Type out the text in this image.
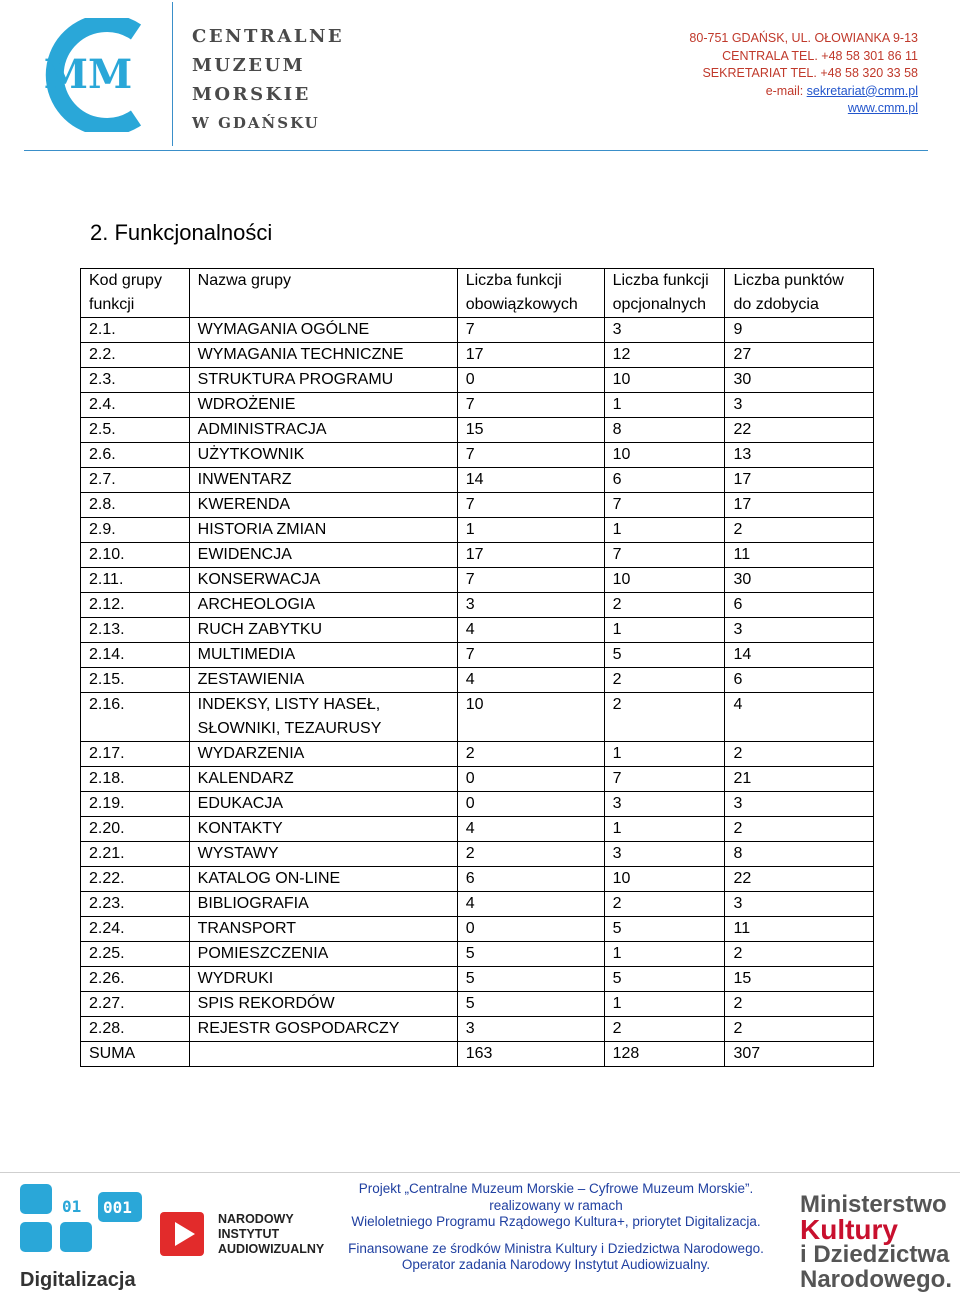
MM
CENTRALNE
MUZEUM
MORSKIE
W GDAŃSKU
80-751 GDAŃSK, UL. OŁOWIANKA 9-13
CENTRALA TEL. +48 58 301 86 11
SEKRETARIAT TEL. +48 58 320 33 58
e-mail: sekretariat@cmm.pl
www.cmm.pl
2. Funkcjonalności
Kod grupy funkcji	Nazwa grupy	Liczba funkcji obowiązkowych	Liczba funkcji opcjonalnych	Liczba punktów do zdobycia
2.1.	WYMAGANIA OGÓLNE	7	3	9
2.2.	WYMAGANIA TECHNICZNE	17	12	27
2.3.	STRUKTURA PROGRAMU	0	10	30
2.4.	WDROŻENIE	7	1	3
2.5.	ADMINISTRACJA	15	8	22
2.6.	UŻYTKOWNIK	7	10	13
2.7.	INWENTARZ	14	6	17
2.8.	KWERENDA	7	7	17
2.9.	HISTORIA ZMIAN	1	1	2
2.10.	EWIDENCJA	17	7	11
2.11.	KONSERWACJA	7	10	30
2.12.	ARCHEOLOGIA	3	2	6
2.13.	RUCH ZABYTKU	4	1	3
2.14.	MULTIMEDIA	7	5	14
2.15.	ZESTAWIENIA	4	2	6
2.16.	INDEKSY, LISTY HASEŁ, SŁOWNIKI, TEZAURUSY	10	2	4
2.17.	WYDARZENIA	2	1	2
2.18.	KALENDARZ	0	7	21
2.19.	EDUKACJA	0	3	3
2.20.	KONTAKTY	4	1	2
2.21.	WYSTAWY	2	3	8
2.22.	KATALOG ON-LINE	6	10	22
2.23.	BIBLIOGRAFIA	4	2	3
2.24.	TRANSPORT	0	5	11
2.25.	POMIESZCZENIA	5	1	2
2.26.	WYDRUKI	5	5	15
2.27.	SPIS REKORDÓW	5	1	2
2.28.	REJESTR GOSPODARCZY	3	2	2
SUMA		163	128	307
01 001
Digitalizacja
NARODOWY
INSTYTUT
AUDIOWIZUALNY
Projekt „Centralne Muzeum Morskie – Cyfrowe Muzeum Morskie”.
realizowany w ramach
Wieloletniego Programu Rządowego Kultura+, priorytet Digitalizacja.
Finansowane ze środków Ministra Kultury i Dziedzictwa Narodowego.
Operator zadania Narodowy Instytut Audiowizualny.
Ministerstwo
Kultury
i Dziedzictwa
Narodowego.
